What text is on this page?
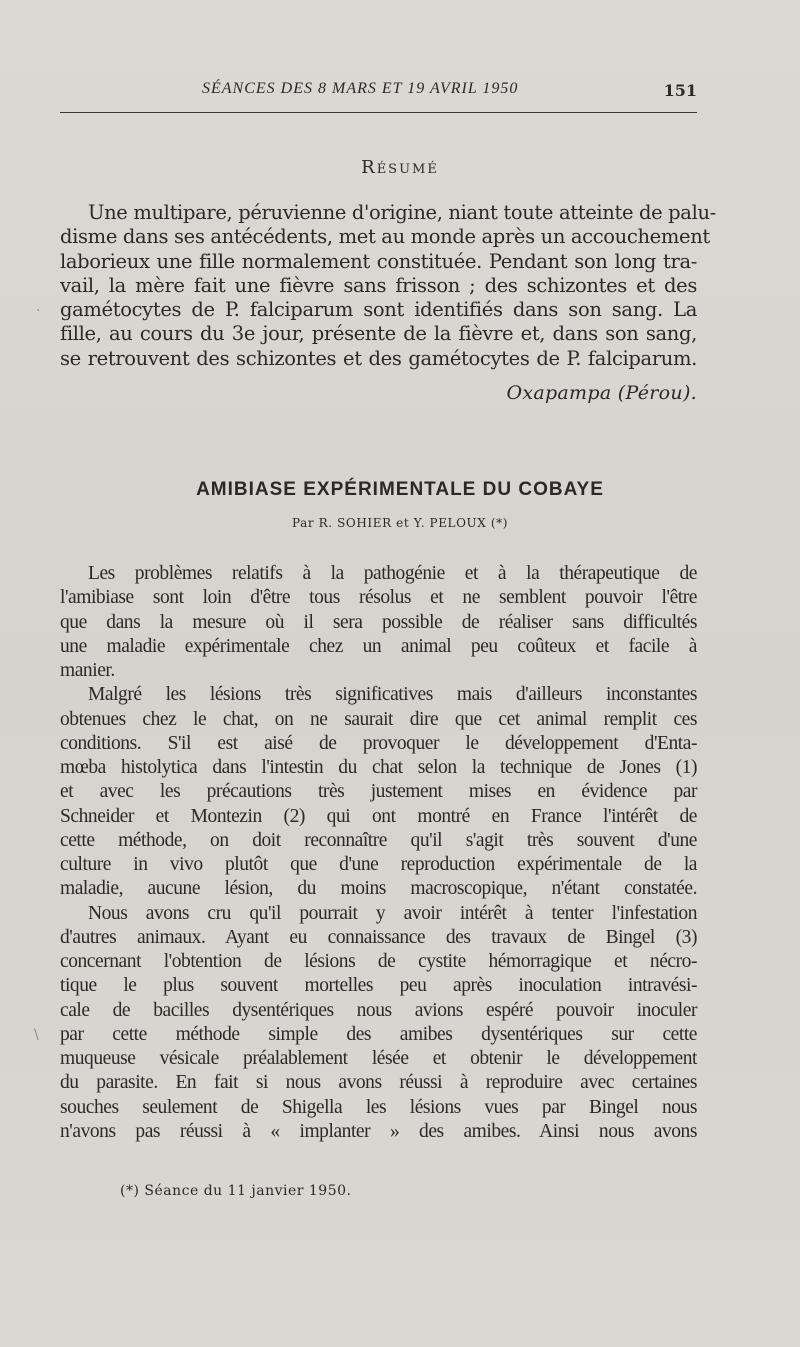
SÉANCES DES 8 MARS ET 19 AVRIL 1950	151
Résumé
Une multipare, péruvienne d'origine, niant toute atteinte de palu-
disme dans ses antécédents, met au monde après un accouchement
laborieux une fille normalement constituée. Pendant son long tra-
vail, la mère fait une fièvre sans frisson ; des schizontes et des
gamétocytes de P. falciparum sont identifiés dans son sang. La
fille, au cours du 3e jour, présente de la fièvre et, dans son sang,
se retrouvent des schizontes et des gamétocytes de P. falciparum.
Oxapampa (Pérou).
AMIBIASE EXPÉRIMENTALE DU COBAYE
Par R. SOHIER et Y. PELOUX (*)
Les problèmes relatifs à la pathogénie et à la thérapeutique de
l'amibiase sont loin d'être tous résolus et ne semblent pouvoir l'être
que dans la mesure où il sera possible de réaliser sans difficultés
une maladie expérimentale chez un animal peu coûteux et facile à
manier.
Malgré les lésions très significatives mais d'ailleurs inconstantes
obtenues chez le chat, on ne saurait dire que cet animal remplit ces
conditions. S'il est aisé de provoquer le développement d'Enta-
mœba histolytica dans l'intestin du chat selon la technique de Jones (1)
et avec les précautions très justement mises en évidence par
Schneider et Montezin (2) qui ont montré en France l'intérêt de
cette méthode, on doit reconnaître qu'il s'agit très souvent d'une
culture in vivo plutôt que d'une reproduction expérimentale de la
maladie, aucune lésion, du moins macroscopique, n'étant constatée.
Nous avons cru qu'il pourrait y avoir intérêt à tenter l'infestation
d'autres animaux. Ayant eu connaissance des travaux de Bingel (3)
concernant l'obtention de lésions de cystite hémorragique et nécro-
tique le plus souvent mortelles peu après inoculation intravési-
cale de bacilles dysentériques nous avions espéré pouvoir inoculer
par cette méthode simple des amibes dysentériques sur cette
muqueuse vésicale préalablement lésée et obtenir le développement
du parasite. En fait si nous avons réussi à reproduire avec certaines
souches seulement de Shigella les lésions vues par Bingel nous
n'avons pas réussi à « implanter » des amibes. Ainsi nous avons
(*) Séance du 11 janvier 1950.
·
\
